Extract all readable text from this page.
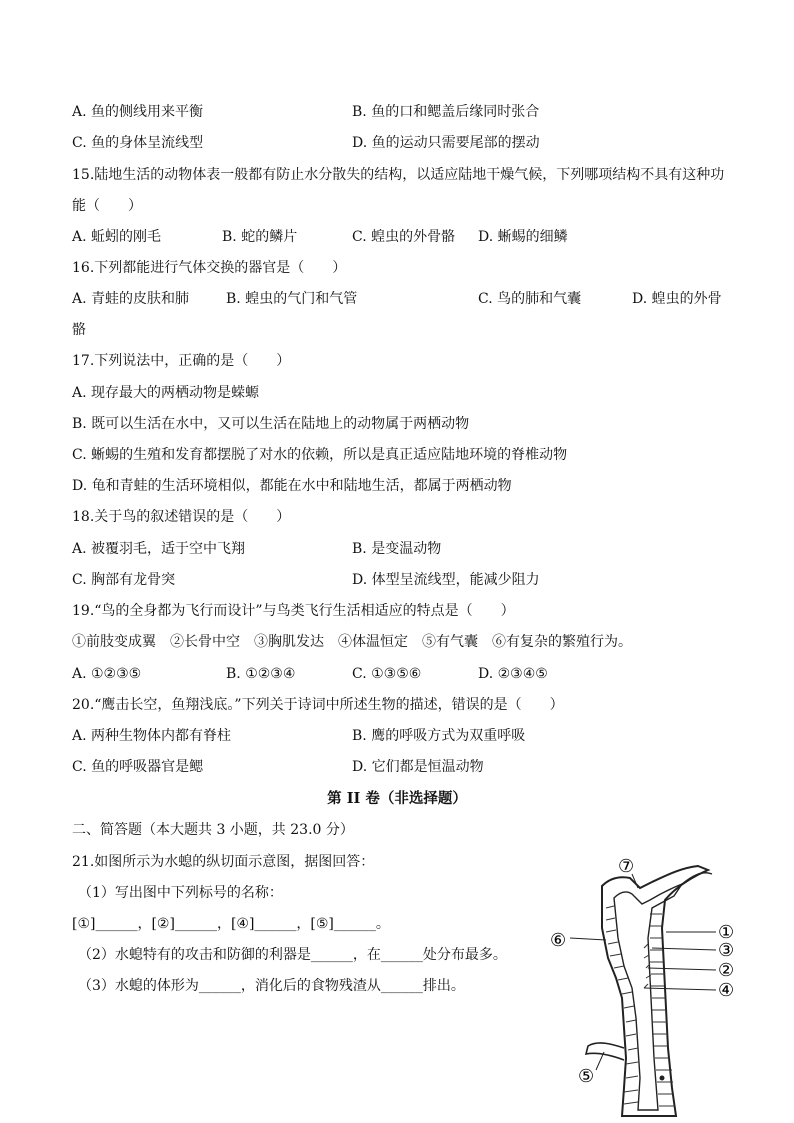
A. 鱼的侧线用来平衡	B. 鱼的口和鳃盖后缘同时张合
C. 鱼的身体呈流线型	D. 鱼的运动只需要尾部的摆动
15.陆地生活的动物体表一般都有防止水分散失的结构，以适应陆地干燥气候，下列哪项结构不具有这种功
能（　　）
A. 蚯蚓的刚毛	B. 蛇的鳞片	C. 蝗虫的外骨骼 D. 蜥蜴的细鳞
16.下列都能进行气体交换的器官是（　　）
A. 青蛙的皮肤和肺	B. 蝗虫的气门和气管	C. 鸟的肺和气囊	D. 蝗虫的外骨
骼
17.下列说法中，正确的是（　　）
A. 现存最大的两栖动物是蝾螈
B. 既可以生活在水中，又可以生活在陆地上的动物属于两栖动物
C. 蜥蜴的生殖和发育都摆脱了对水的依赖，所以是真正适应陆地环境的脊椎动物
D. 龟和青蛙的生活环境相似，都能在水中和陆地生活，都属于两栖动物
18.关于鸟的叙述错误的是（　　）
A. 被覆羽毛，适于空中飞翔	B. 是变温动物
C. 胸部有龙骨突	D. 体型呈流线型，能减少阻力
19.“鸟的全身都为飞行而设计”与鸟类飞行生活相适应的特点是（　　）
①前肢变成翼　②长骨中空　③胸肌发达　④体温恒定　⑤有气囊　⑥有复杂的繁殖行为。
A. ①②③⑤	B. ①②③④	C. ①③⑤⑥	D. ②③④⑤
20.“鹰击长空，鱼翔浅底。”下列关于诗词中所述生物的描述，错误的是（　　）
A. 两种生物体内都有脊柱	B. 鹰的呼吸方式为双重呼吸
C. 鱼的呼吸器官是鳃	D. 它们都是恒温动物
第 II 卷（非选择题）
二、简答题（本大题共 3 小题，共 23.0 分）
21.如图所示为水螅的纵切面示意图，据图回答：
（1）写出图中下列标号的名称：
[①]______，[②]______，[④]______，[⑤]______。
（2）水螅特有的攻击和防御的利器是______，在______处分布最多。
（3）水螅的体形为______，消化后的食物残渣从______排出。
⑦
①
③
②
④
⑥
⑤
